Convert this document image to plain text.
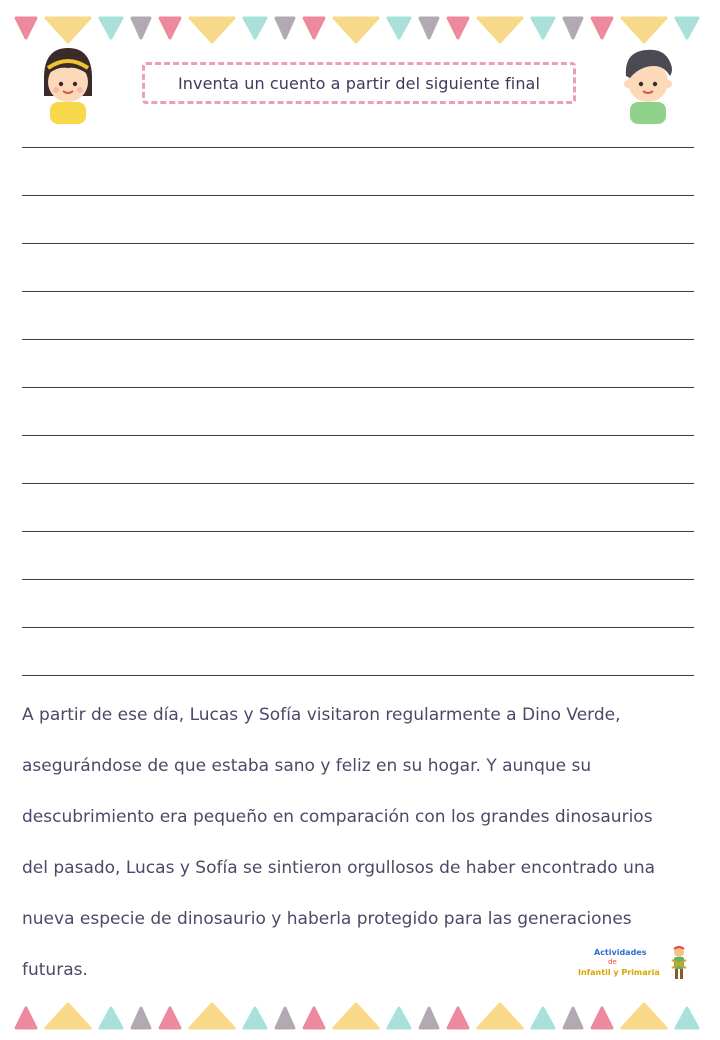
Inventa un cuento a partir del siguiente final

A partir de ese día, Lucas y Sofía visitaron regularmente a Dino Verde,

asegurándose de que estaba sano y feliz en su hogar. Y aunque su

descubrimiento era pequeño en comparación con los grandes dinosaurios

del pasado, Lucas y Sofía se sintieron orgullosos de haber encontrado una

nueva especie de dinosaurio y haberla protegido para las generaciones

futuras.

Actividades
de
Infantil y Primaria
